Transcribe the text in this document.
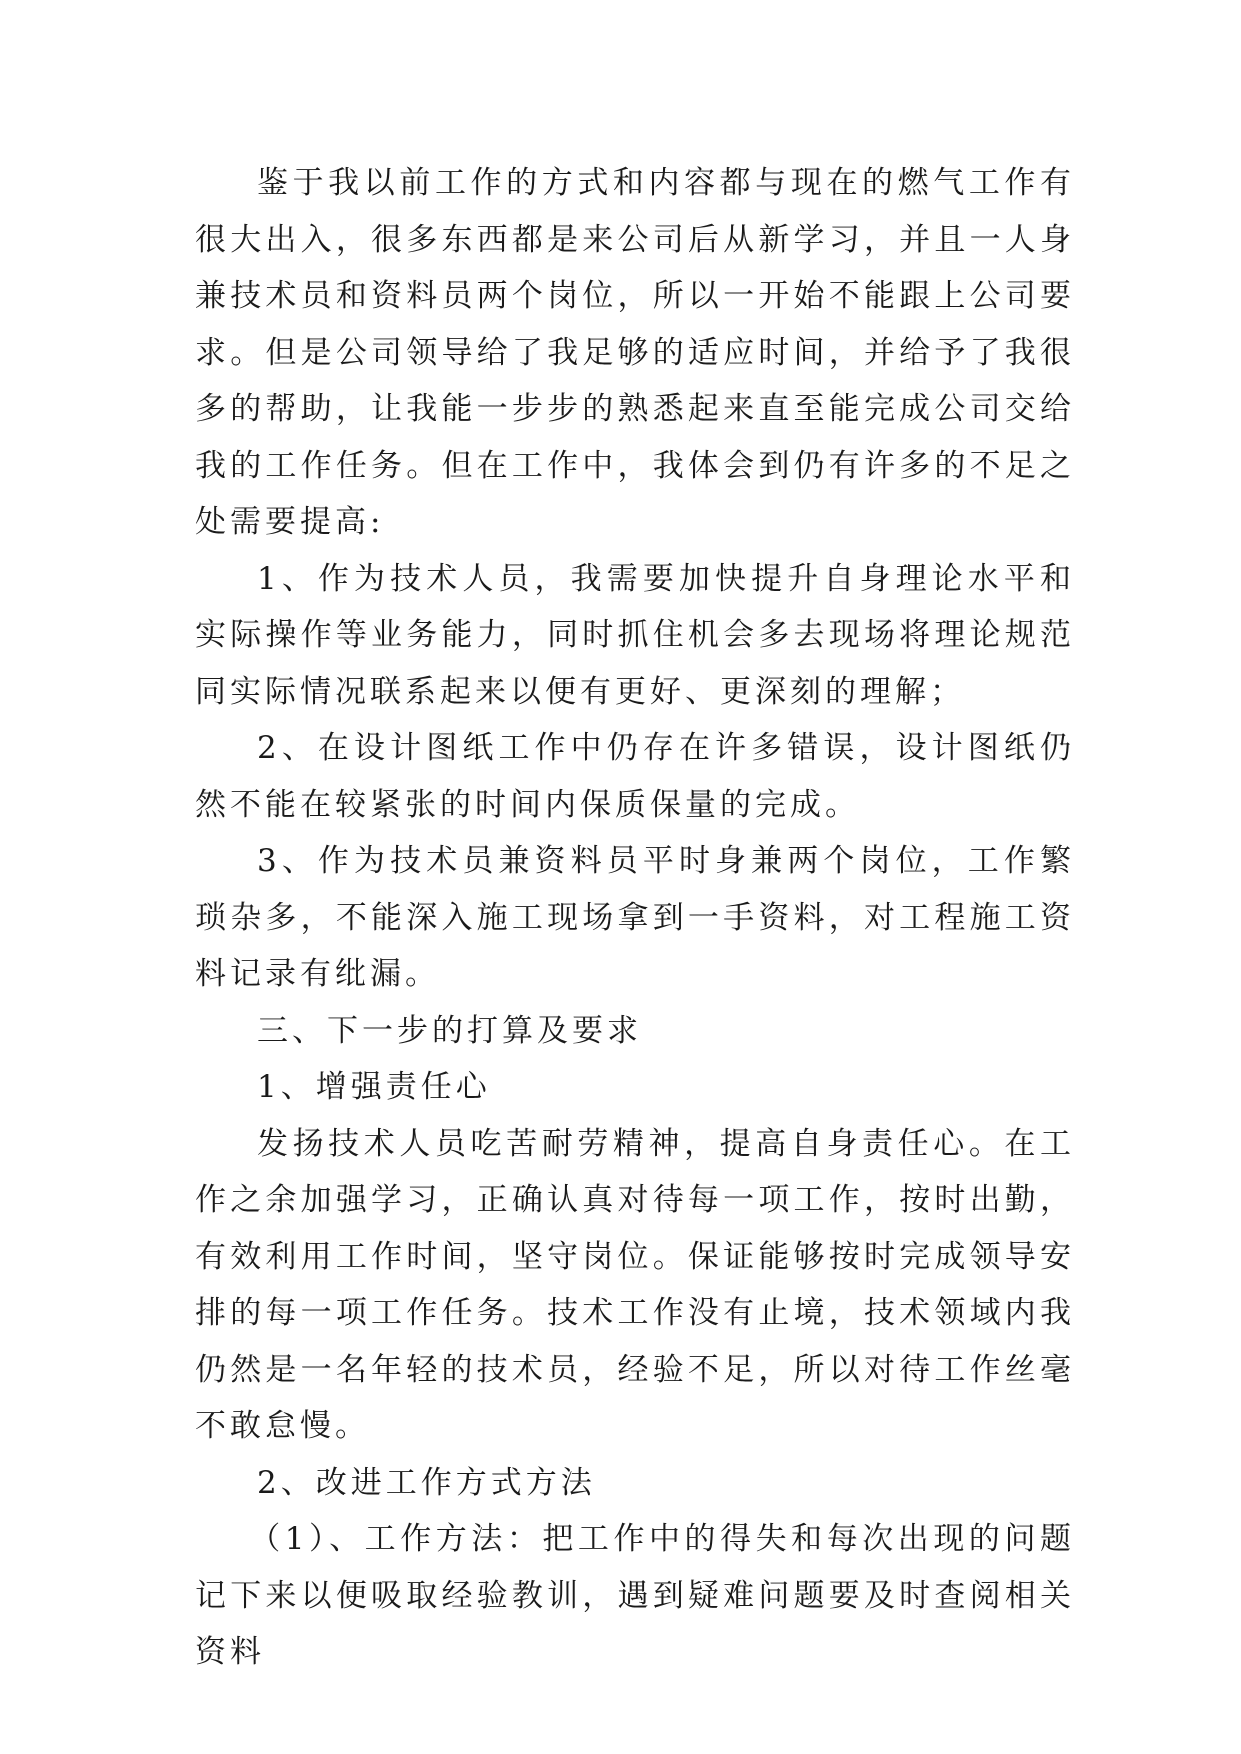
鉴于我以前工作的方式和内容都与现在的燃气工作有很大出入，很多东西都是来公司后从新学习，并且一人身兼技术员和资料员两个岗位，所以一开始不能跟上公司要求。但是公司领导给了我足够的适应时间，并给予了我很多的帮助，让我能一步步的熟悉起来直至能完成公司交给我的工作任务。但在工作中，我体会到仍有许多的不足之处需要提高:

1、作为技术人员，我需要加快提升自身理论水平和实际操作等业务能力，同时抓住机会多去现场将理论规范同实际情况联系起来以便有更好、更深刻的理解；

2、在设计图纸工作中仍存在许多错误，设计图纸仍然不能在较紧张的时间内保质保量的完成。

3、作为技术员兼资料员平时身兼两个岗位，工作繁琐杂多，不能深入施工现场拿到一手资料，对工程施工资料记录有纰漏。

三、下一步的打算及要求

1、增强责任心

发扬技术人员吃苦耐劳精神，提高自身责任心。在工作之余加强学习，正确认真对待每一项工作，按时出勤，有效利用工作时间，坚守岗位。保证能够按时完成领导安排的每一项工作任务。技术工作没有止境，技术领域内我仍然是一名年轻的技术员，经验不足，所以对待工作丝毫不敢怠慢。

2、改进工作方式方法

（1）、工作方法：把工作中的得失和每次出现的问题记下来以便吸取经验教训，遇到疑难问题要及时查阅相关资料
